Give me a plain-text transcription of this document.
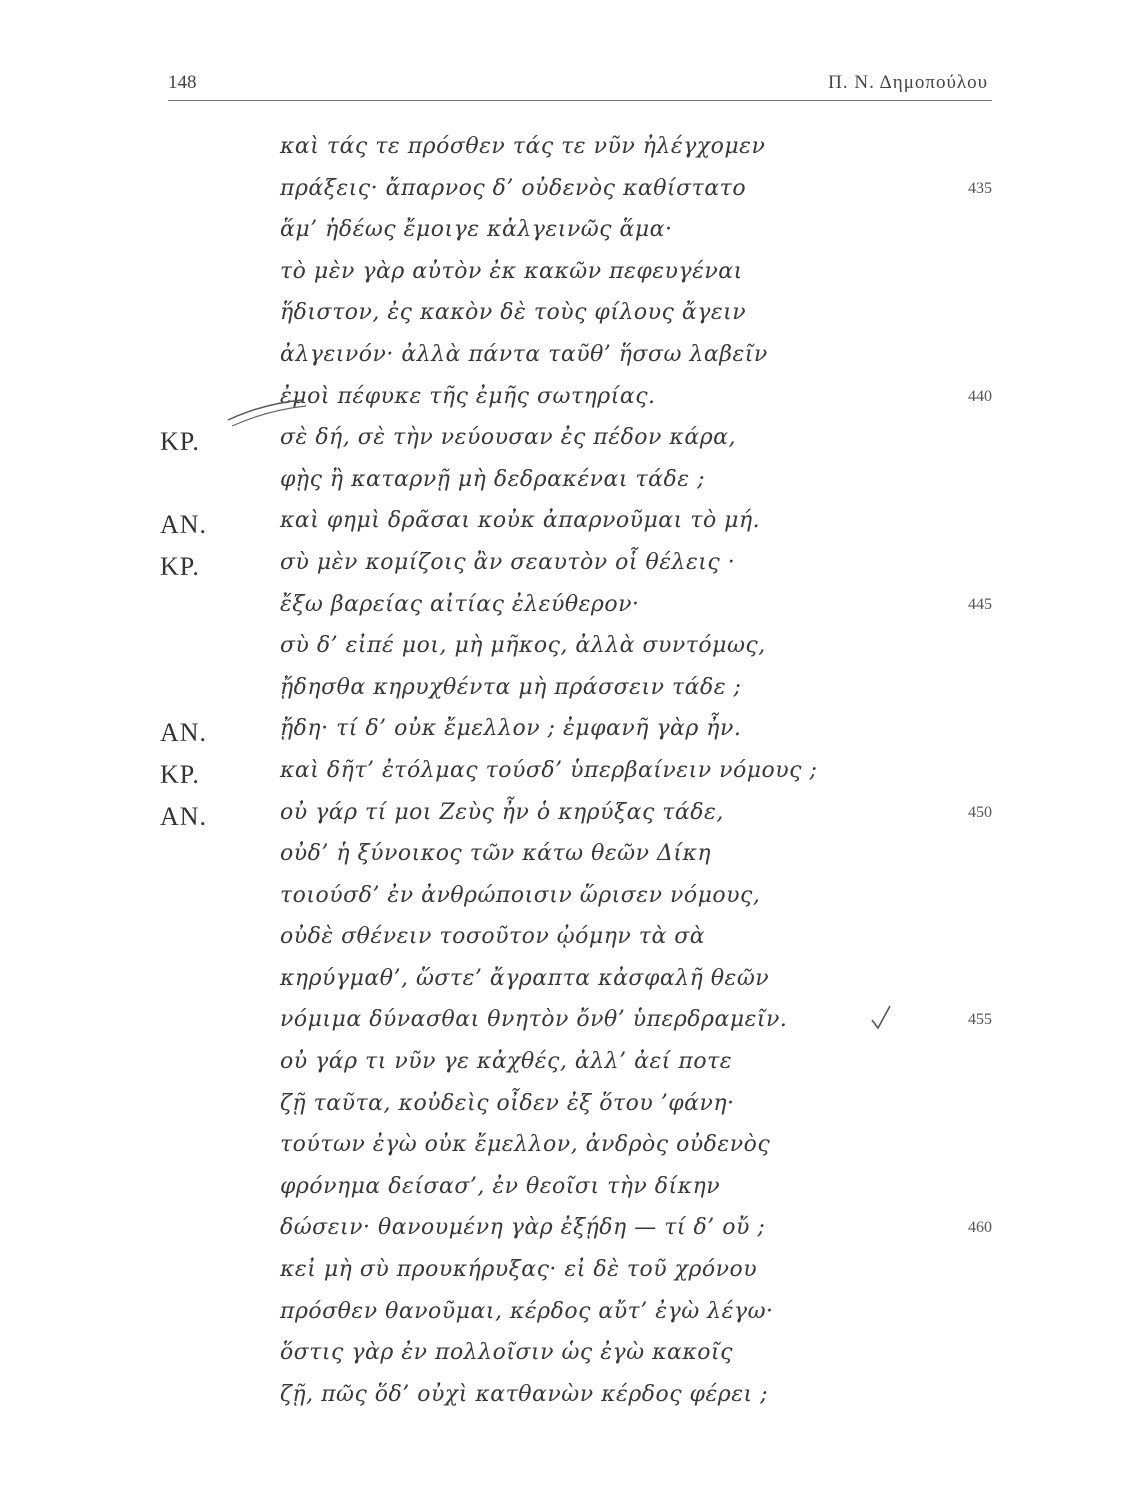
148	Π. Ν. Δημοπούλου
καὶ τάς τε πρόσθεν τάς τε νῦν ἠλέγχομεν
πράξεις· ἄπαρνος δ’ οὐδενὸς καθίστατο	435
ἅμ’ ἡδέως ἔμοιγε κἀλγεινῶς ἅμα·
τὸ μὲν γὰρ αὐτὸν ἐκ κακῶν πεφευγέναι
ἥδιστον, ἐς κακὸν δὲ τοὺς φίλους ἄγειν
ἀλγεινόν· ἀλλὰ πάντα ταῦθ’ ἥσσω λαβεῖν
ἐμοὶ πέφυκε τῆς ἐμῆς σωτηρίας.	440
ΚΡ.	σὲ δή, σὲ τὴν νεύουσαν ἐς πέδον κάρα,
φῂς ἢ καταρνῇ μὴ δεδρακέναι τάδε ;
ΑΝ.	καὶ φημὶ δρᾶσαι κοὐκ ἀπαρνοῦμαι τὸ μή.
ΚΡ.	σὺ μὲν κομίζοις ἂν σεαυτὸν οἷ θέλεις ·
ἔξω βαρείας αἰτίας ἐλεύθερον·	445
σὺ δ’ εἰπέ μοι, μὴ μῆκος, ἀλλὰ συντόμως,
ᾔδησθα κηρυχθέντα μὴ πράσσειν τάδε ;
ΑΝ.	ᾔδη· τί δ’ οὐκ ἔμελλον ; ἐμφανῆ γὰρ ἦν.
ΚΡ.	καὶ δῆτ’ ἐτόλμας τούσδ’ ὑπερβαίνειν νόμους ;
ΑΝ.	οὐ γάρ τί μοι Ζεὺς ἦν ὁ κηρύξας τάδε,	450
οὐδ’ ἡ ξύνοικος τῶν κάτω θεῶν Δίκη
τοιούσδ’ ἐν ἀνθρώποισιν ὥρισεν νόμους,
οὐδὲ σθένειν τοσοῦτον ᾠόμην τὰ σὰ
κηρύγμαθ’, ὥστε’ ἄγραπτα κἀσφαλῆ θεῶν
νόμιμα δύνασθαι θνητὸν ὄνθ’ ὑπερδραμεῖν.	455
οὐ γάρ τι νῦν γε κἀχθές, ἀλλ’ ἀεί ποτε
ζῇ ταῦτα, κοὐδεὶς οἶδεν ἐξ ὅτου ’φάνη·
τούτων ἐγὼ οὐκ ἔμελλον, ἀνδρὸς οὐδενὸς
φρόνημα δείσασ’, ἐν θεοῖσι τὴν δίκην
δώσειν· θανουμένη γὰρ ἐξῄδη — τί δ’ οὔ ;	460
κεἰ μὴ σὺ προυκήρυξας· εἰ δὲ τοῦ χρόνου
πρόσθεν θανοῦμαι, κέρδος αὔτ’ ἐγὼ λέγω·
ὅστις γὰρ ἐν πολλοῖσιν ὡς ἐγὼ κακοῖς
ζῇ, πῶς ὅδ’ οὐχὶ κατθανὼν κέρδος φέρει ;
